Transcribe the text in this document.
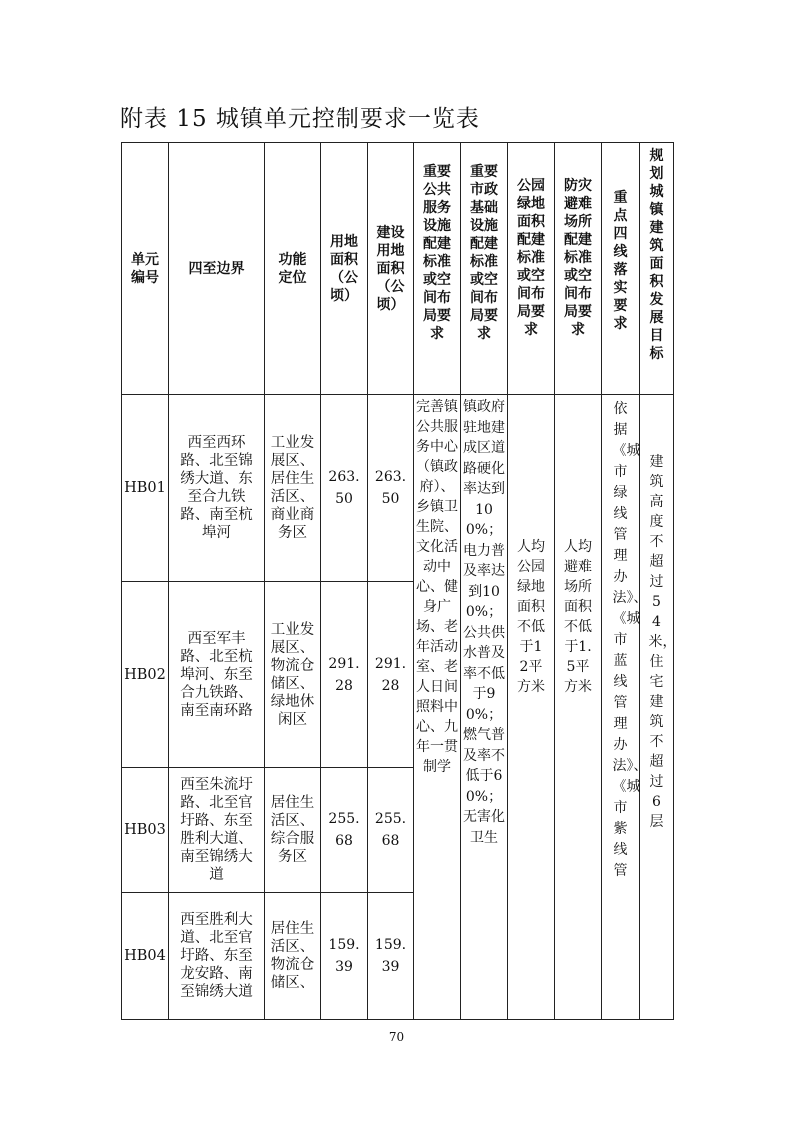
附表 15 城镇单元控制要求一览表
单元编号	四至边界	功能定位	用地面积（公顷）	建设用地面积（公顷）	重要公共服务设施配建标准或空间布局要求	重要市政基础设施配建标准或空间布局要求	公园绿地面积配建标准或空间布局要求	防灾避难场所配建标准或空间布局要求	重点四线落实要求	规划城镇建筑面积发展目标

HB01	西至西环路、北至锦绣大道、东至合九铁路、南至杭埠河	工业发展区、居住生活区、商业商务区	263.50	263.50	完善镇公共服务中心（镇政府）、乡镇卫生院、文化活动中心、健身广场、老年活动室、老人日间照料中心、九年一贯制学	镇政府驻地建成区道路硬化率达到100%；电力普及率达到100%；公共供水普及率不低于90%；燃气普及率不低于60%；无害化卫生	人均公园绿地面积不低于12平方米	人均避难场所面积不低于1.5平方米	依据《城市绿线管理办法》、《城市蓝线管理办法》、《城市紫线管	建筑高度不超过54米，住宅建筑不超过6层

HB02	西至军丰路、北至杭埠河、东至合九铁路、南至南环路	工业发展区、物流仓储区、绿地休闲区	291.28	291.28						
HB03	西至朱流圩路、北至官圩路、东至胜利大道、南至锦绣大道	居住生活区、综合服务区	255.68	255.68						
HB04	西至胜利大道、北至官圩路、东至龙安路、南至锦绣大道	居住生活区、物流仓储区、	159.39	159.39						
70
